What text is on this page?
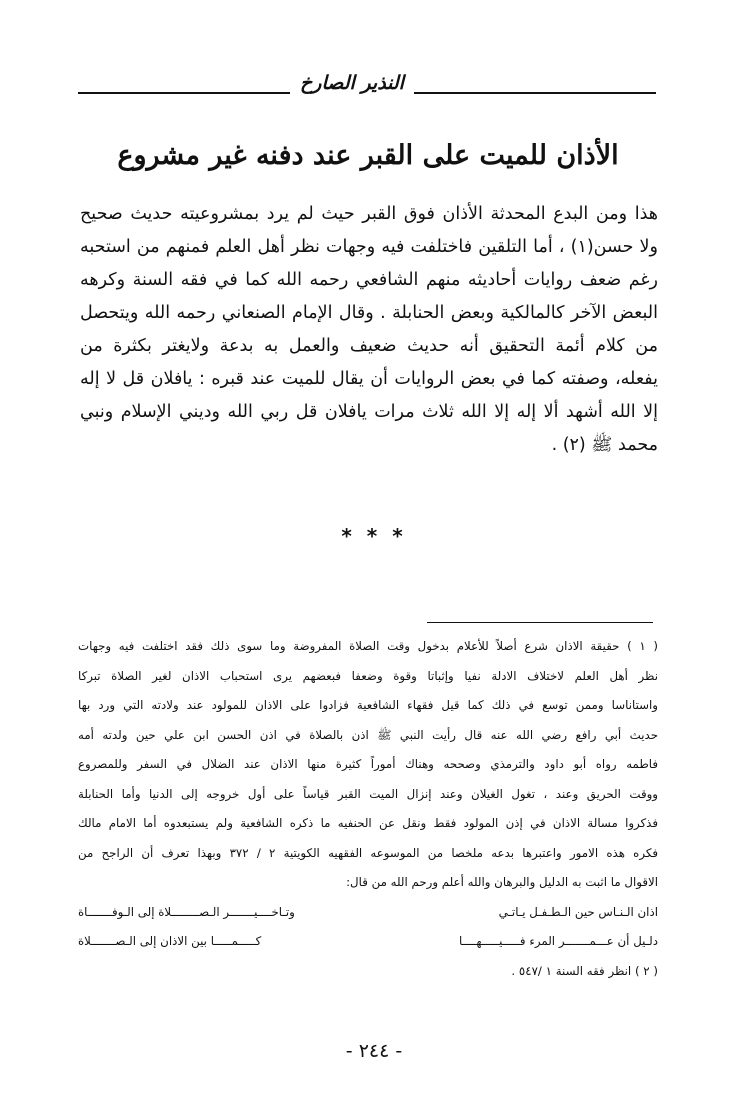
النذير الصارخ
الأذان للميت على القبر عند دفنه غير مشروع
هذا ومن البدع المحدثة الأذان فوق القبر حيث لم يرد بمشروعيته حديث صحيح
ولا حسن(١) ، أما التلقين فاختلفت فيه وجهات نظر أهل العلم فمنهم من استحبه
رغم ضعف روايات أحاديثه منهم الشافعي رحمه الله كما في فقه السنة وكرهه
البعض الآخر كالمالكية وبعض الحنابلة . وقال الإمام الصنعاني رحمه الله ويتحصل
من كلام أئمة التحقيق أنه حديث ضعيف والعمل به بدعة ولايغتر بكثرة من
يفعله، وصفته كما في بعض الروايات أن يقال للميت عند قبره : يافلان قل لا إله
إلا الله أشهد ألا إله إلا الله ثلاث مرات يافلان قل ربي الله وديني الإسلام ونبي
محمد ﷺ (٢) .
* * *
( ١ ) حقيقة الاذان شرع أصلاً للأعلام بدخول وقت الصلاة المفروضة وما سوى ذلك فقد اختلفت فيه وجهات
نظر أهل العلم لاختلاف الادلة نفيا وإثباتا وقوة وضعفا فبعضهم يرى استحباب الاذان لغير الصلاة تبركا
واستاناسا وممن توسع في ذلك كما قيل فقهاء الشافعية فزادوا على الاذان للمولود عند ولادته التي ورد بها
حديث أبي رافع رضي الله عنه قال رأيت النبي ﷺ اذن بالصلاة في اذن الحسن ابن علي حين ولدته أمه
فاطمه رواه أبو داود والترمذي وصححه وهناك أموراً كثيرة منها الاذان عند الضلال في السفر وللمصروع
ووقت الحريق وعند ، تغول الغيلان وعند إنزال الميت القبر قياساً على أول خروجه إلى الدنيا وأما الحنابلة
فذكروا مسالة الاذان في إذن المولود فقط ونقل عن الحنفيه ما ذكره الشافعية ولم يستبعدوه أما الامام مالك
فكره هذه الامور واعتبرها بدعه ملخصا من الموسوعه الفقهيه الكويتية ٢ / ٣٧٢ وبهذا تعرف أن الراجح من
الاقوال ما اثبت به الدليل والبرهان والله أعلم ورحم الله من قال:
اذان الـنـاس حين الـطـفـل يـاتـي
وتـاخــــيـــــــر الـصــــــــلاة إلى الـوفـــــــاة
دلـيل أن عـــمـــــــر المرء فـــــيـــــهــــا
كـــــمـــــا بين الاذان إلى الـصـــــــلاة
( ٢ ) انظر فقه السنة ١ /٥٤٧ .
- ٢٤٤ -
